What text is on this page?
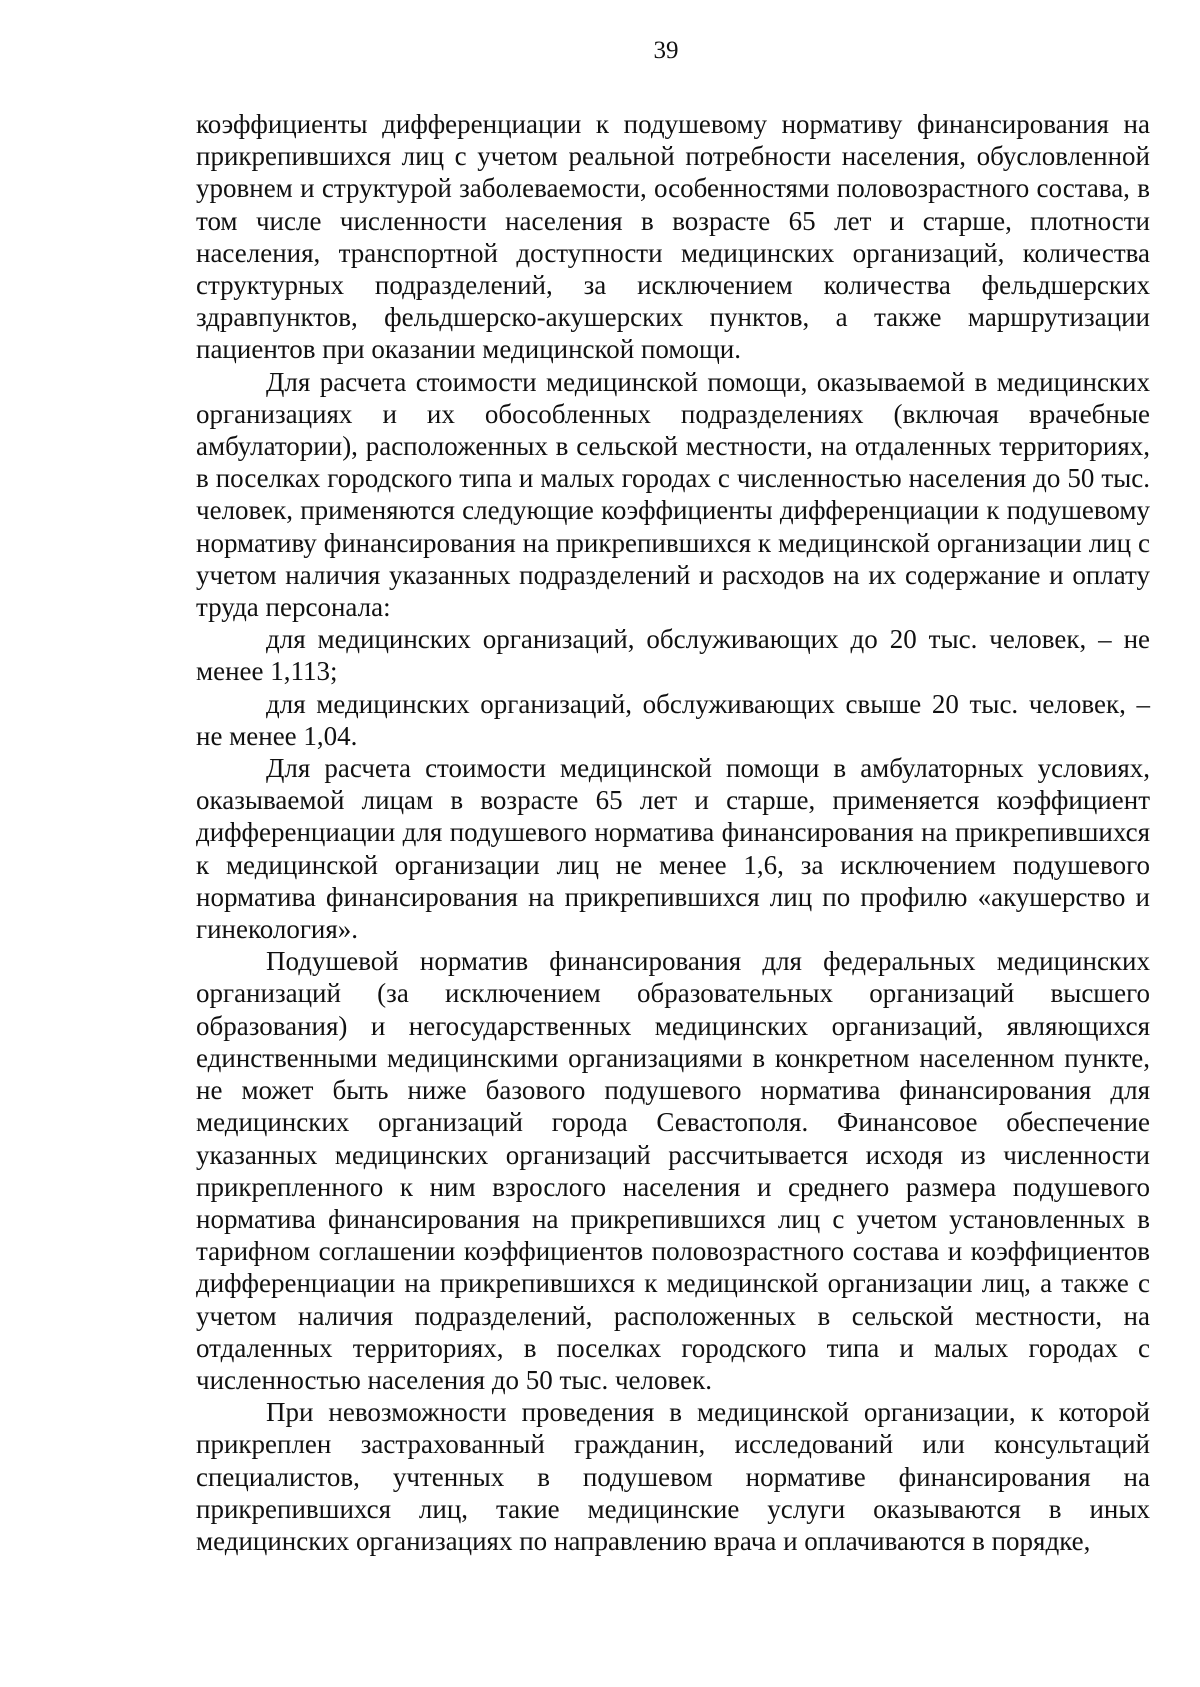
39

коэффициенты дифференциации к подушевому нормативу финансирования на прикрепившихся лиц с учетом реальной потребности населения, обусловленной уровнем и структурой заболеваемости, особенностями половозрастного состава, в том числе численности населения в возрасте 65 лет и старше, плотности населения, транспортной доступности медицинских организаций, количества структурных подразделений, за исключением количества фельдшерских здравпунктов, фельдшерско-акушерских пунктов, а также маршрутизации пациентов при оказании медицинской помощи.

Для расчета стоимости медицинской помощи, оказываемой в медицинских организациях и их обособленных подразделениях (включая врачебные амбулатории), расположенных в сельской местности, на отдаленных территориях, в поселках городского типа и малых городах с численностью населения до 50 тыс. человек, применяются следующие коэффициенты дифференциации к подушевому нормативу финансирования на прикрепившихся к медицинской организации лиц с учетом наличия указанных подразделений и расходов на их содержание и оплату труда персонала:

для медицинских организаций, обслуживающих до 20 тыс. человек, – не менее 1,113;

для медицинских организаций, обслуживающих свыше 20 тыс. человек, – не менее 1,04.

Для расчета стоимости медицинской помощи в амбулаторных условиях, оказываемой лицам в возрасте 65 лет и старше, применяется коэффициент дифференциации для подушевого норматива финансирования на прикрепившихся к медицинской организации лиц не менее 1,6, за исключением подушевого норматива финансирования на прикрепившихся лиц по профилю «акушерство и гинекология».

Подушевой норматив финансирования для федеральных медицинских организаций (за исключением образовательных организаций высшего образования) и негосударственных медицинских организаций, являющихся единственными медицинскими организациями в конкретном населенном пункте, не может быть ниже базового подушевого норматива финансирования для медицинских организаций города Севастополя. Финансовое обеспечение указанных медицинских организаций рассчитывается исходя из численности прикрепленного к ним взрослого населения и среднего размера подушевого норматива финансирования на прикрепившихся лиц с учетом установленных в тарифном соглашении коэффициентов половозрастного состава и коэффициентов дифференциации на прикрепившихся к медицинской организации лиц, а также с учетом наличия подразделений, расположенных в сельской местности, на отдаленных территориях, в поселках городского типа и малых городах с численностью населения до 50 тыс. человек.

При невозможности проведения в медицинской организации, к которой прикреплен застрахованный гражданин, исследований или консультаций специалистов, учтенных в подушевом нормативе финансирования на прикрепившихся лиц, такие медицинские услуги оказываются в иных медицинских организациях по направлению врача и оплачиваются в порядке,
